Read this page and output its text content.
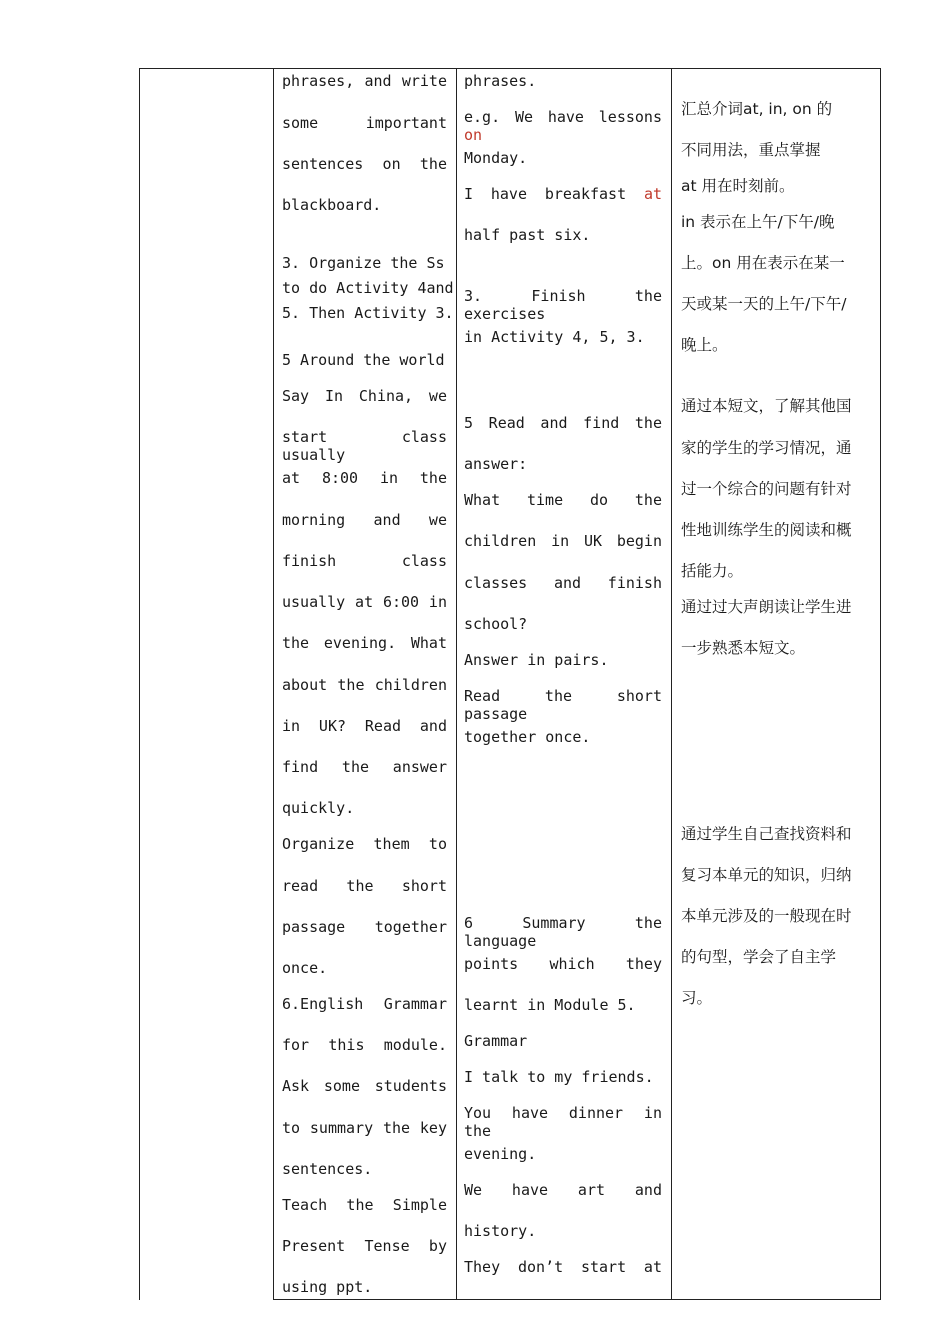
phrases, and write
some important
sentences on the
blackboard.
3. Organize the Ss
to do Activity 4and
5. Then Activity 3.
5 Around the world
Say In China, we
start class usually
at 8:00 in the
morning and we
finish class
usually at 6:00 in
the evening. What
about the children
in UK? Read and
find the answer
quickly.
Organize them to
read the short
passage together
once.
6.English Grammar
for this module.
Ask some students
to summary the key
sentences.
Teach the Simple
Present Tense by
using ppt.
phrases.
e.g. We have lessons on
Monday.
I have breakfast at
half past six.
3. Finish the exercises
in Activity 4, 5, 3.
5 Read and find the
answer:
What time do the
children in UK begin
classes and finish
school?
Answer in pairs.
Read the short passage
together once.
6 Summary the language
points which they
learnt in Module 5.
Grammar
I talk to my friends.
You have dinner in the
evening.
We have art and
history.
They don’t start at
汇总介词at, in, on 的
不同用法，重点掌握
at 用在时刻前。
in 表示在上午/下午/晚
上。on 用在表示在某一
天或某一天的上午/下午/
晚上。
通过本短文，了解其他国
家的学生的学习情况，通
过一个综合的问题有针对
性地训练学生的阅读和概
括能力。
通过过大声朗读让学生进
一步熟悉本短文。
通过学生自己查找资料和
复习本单元的知识，归纳
本单元涉及的一般现在时
的句型，学会了自主学
习。
